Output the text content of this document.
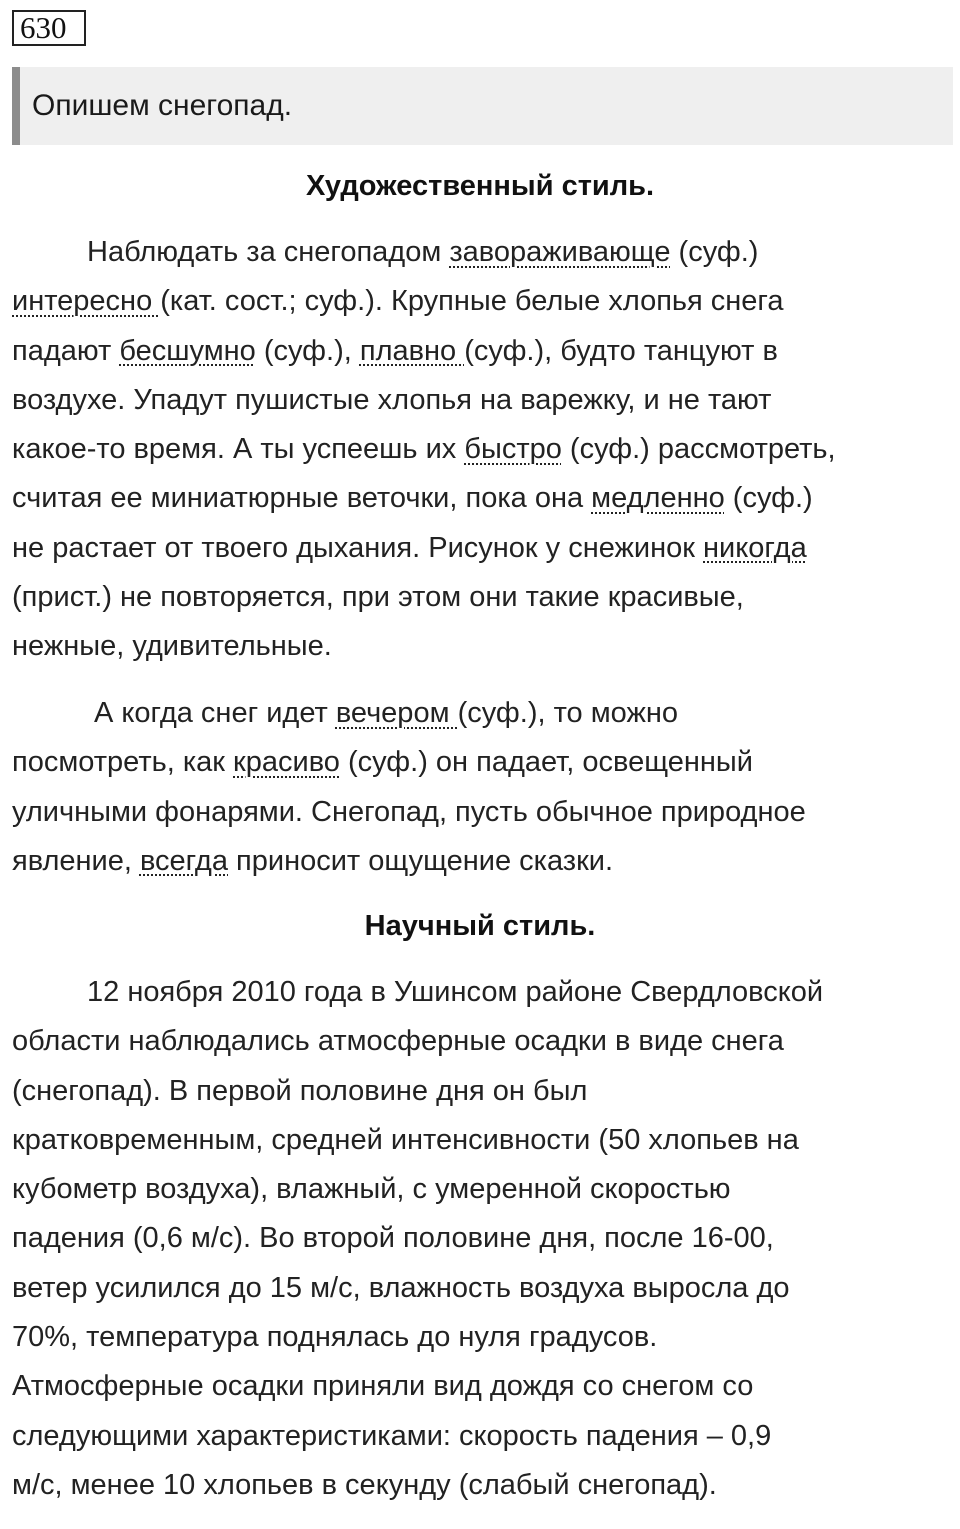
630
Опишем снегопад.
Художественный стиль.
Наблюдать за снегопадом завораживающе (суф.)
интересно (кат. сост.; суф.). Крупные белые хлопья снега
падают бесшумно (суф.), плавно (суф.), будто танцуют в
воздухе. Упадут пушистые хлопья на варежку, и не тают
какое-то время. А ты успеешь их быстро (суф.) рассмотреть,
считая ее миниатюрные веточки, пока она медленно (суф.)
не растает от твоего дыхания. Рисунок у снежинок никогда
(прист.) не повторяется, при этом они такие красивые,
нежные, удивительные.
А когда снег идет вечером (суф.), то можно
посмотреть, как красиво (суф.) он падает, освещенный
уличными фонарями. Снегопад, пусть обычное природное
явление, всегда приносит ощущение сказки.
Научный стиль.
12 ноября 2010 года в Ушинсом районе Свердловской
области наблюдались атмосферные осадки в виде снега
(снегопад). В первой половине дня он был
кратковременным, средней интенсивности (50 хлопьев на
кубометр воздуха), влажный, с умеренной скоростью
падения (0,6 м/с). Во второй половине дня, после 16-00,
ветер усилился до 15 м/с, влажность воздуха выросла до
70%, температура поднялась до нуля градусов.
Атмосферные осадки приняли вид дождя со снегом со
следующими характеристиками: скорость падения – 0,9
м/с, менее 10 хлопьев в секунду (слабый снегопад).
